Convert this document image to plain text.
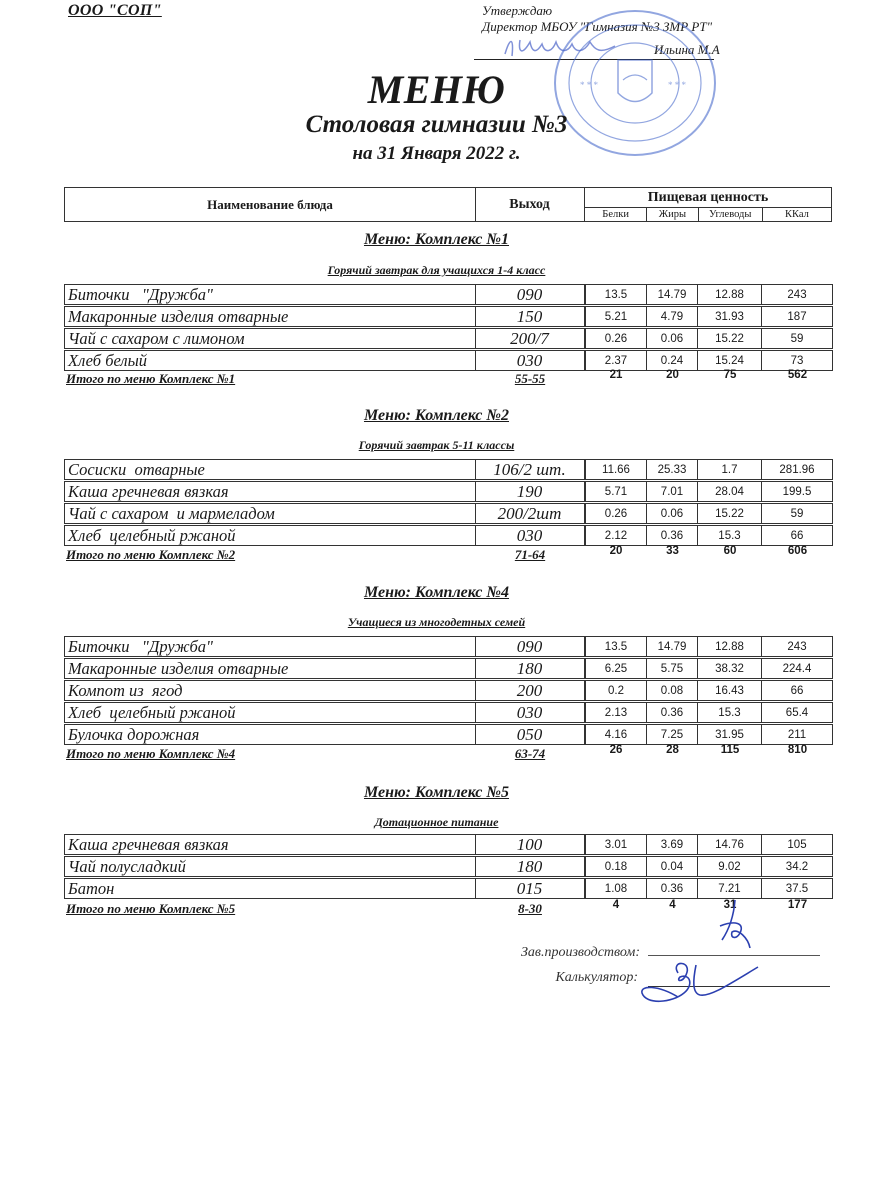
ООО "СОП"	Утверждаю
Директор МБОУ "Гимназия №3 ЗМР РТ"
Ильина М.А
* * *	* * *
МЕНЮ
Столовая гимназии №3
на 31 Января 2022 г.
Наименование блюда	Выход	Пищевая ценность
Белки	Жиры	Углеводы	ККал
Меню: Комплекс №1
Горячий завтрак для учащихся 1-4 класс
Биточки   "Дружба"	090	13.5	14.79	12.88	243
Макаронные изделия отварные	150	5.21	4.79	31.93	187
Чай с сахаром с лимоном	200/7	0.26	0.06	15.22	59
Хлеб белый	030	2.37	0.24	15.24	73
Итого по меню Комплекс №1	55-55	21	20	75	562
Меню: Комплекс №2
Горячий завтрак 5-11 классы
Сосиски  отварные	106/2 шт.	11.66	25.33	1.7	281.96
Каша гречневая вязкая	190	5.71	7.01	28.04	199.5
Чай с сахаром  и мармеладом	200/2шт	0.26	0.06	15.22	59
Хлеб  целебный ржаной	030	2.12	0.36	15.3	66
Итого по меню Комплекс №2	71-64	20	33	60	606
Меню: Комплекс №4
Учащиеся из многодетных семей
Биточки   "Дружба"	090	13.5	14.79	12.88	243
Макаронные изделия отварные	180	6.25	5.75	38.32	224.4
Компот из  ягод	200	0.2	0.08	16.43	66
Хлеб  целебный ржаной	030	2.13	0.36	15.3	65.4
Булочка дорожная	050	4.16	7.25	31.95	211
Итого по меню Комплекс №4	63-74	26	28	115	810
Меню: Комплекс №5
Дотационное питание
Каша гречневая вязкая	100	3.01	3.69	14.76	105
Чай полусладкий	180	0.18	0.04	9.02	34.2
Батон	015	1.08	0.36	7.21	37.5
Итого по меню Комплекс №5	8-30	4	4	31	177
Зав.производством:
Калькулятор:
